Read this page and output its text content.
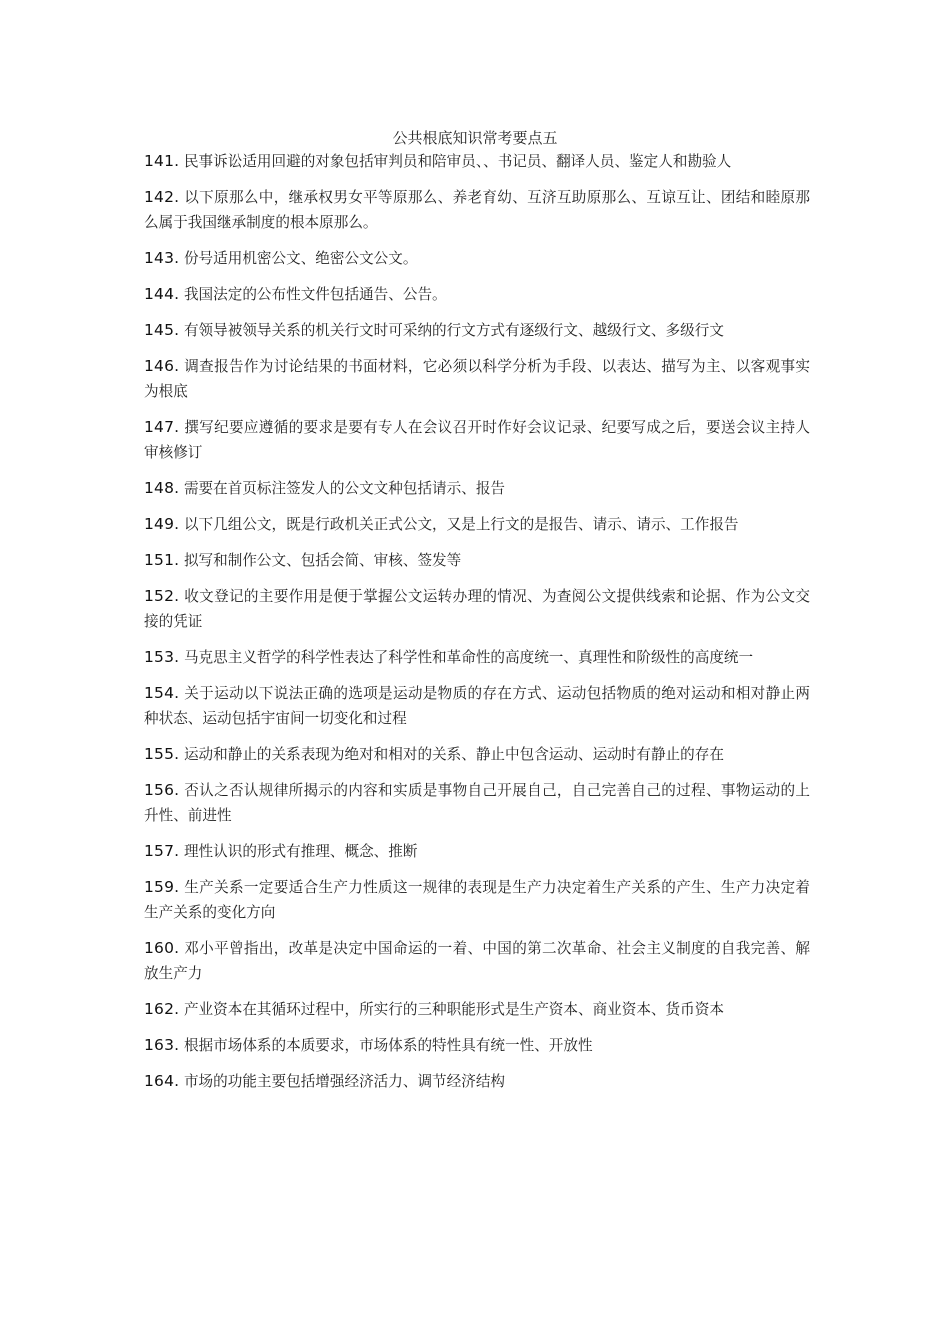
公共根底知识常考要点五

141. 民事诉讼适用回避的对象包括审判员和陪审员、、书记员、翻译人员、鉴定人和勘验人

142. 以下原那么中，继承权男女平等原那么、养老育幼、互济互助原那么、互谅互让、团结和睦原那么属于我国继承制度的根本原那么。

143. 份号适用机密公文、绝密公文公文。

144. 我国法定的公布性文件包括通告、公告。

145. 有领导被领导关系的机关行文时可采纳的行文方式有逐级行文、越级行文、多级行文

146. 调查报告作为讨论结果的书面材料，它必须以科学分析为手段、以表达、描写为主、以客观事实为根底

147. 撰写纪要应遵循的要求是要有专人在会议召开时作好会议记录、纪要写成之后，要送会议主持人审核修订

148. 需要在首页标注签发人的公文文种包括请示、报告

149. 以下几组公文，既是行政机关正式公文，又是上行文的是报告、请示、请示、工作报告

151. 拟写和制作公文、包括会简、审核、签发等

152. 收文登记的主要作用是便于掌握公文运转办理的情况、为查阅公文提供线索和论据、作为公文交接的凭证

153. 马克思主义哲学的科学性表达了科学性和革命性的高度统一、真理性和阶级性的高度统一

154. 关于运动以下说法正确的选项是运动是物质的存在方式、运动包括物质的绝对运动和相对静止两种状态、运动包括宇宙间一切变化和过程

155. 运动和静止的关系表现为绝对和相对的关系、静止中包含运动、运动时有静止的存在

156. 否认之否认规律所揭示的内容和实质是事物自己开展自己，自己完善自己的过程、事物运动的上升性、前进性

157. 理性认识的形式有推理、概念、推断

159. 生产关系一定要适合生产力性质这一规律的表现是生产力决定着生产关系的产生、生产力决定着生产关系的变化方向

160. 邓小平曾指出，改革是决定中国命运的一着、中国的第二次革命、社会主义制度的自我完善、解放生产力

162. 产业资本在其循环过程中，所实行的三种职能形式是生产资本、商业资本、货币资本

163. 根据市场体系的本质要求，市场体系的特性具有统一性、开放性

164. 市场的功能主要包括增强经济活力、调节经济结构
